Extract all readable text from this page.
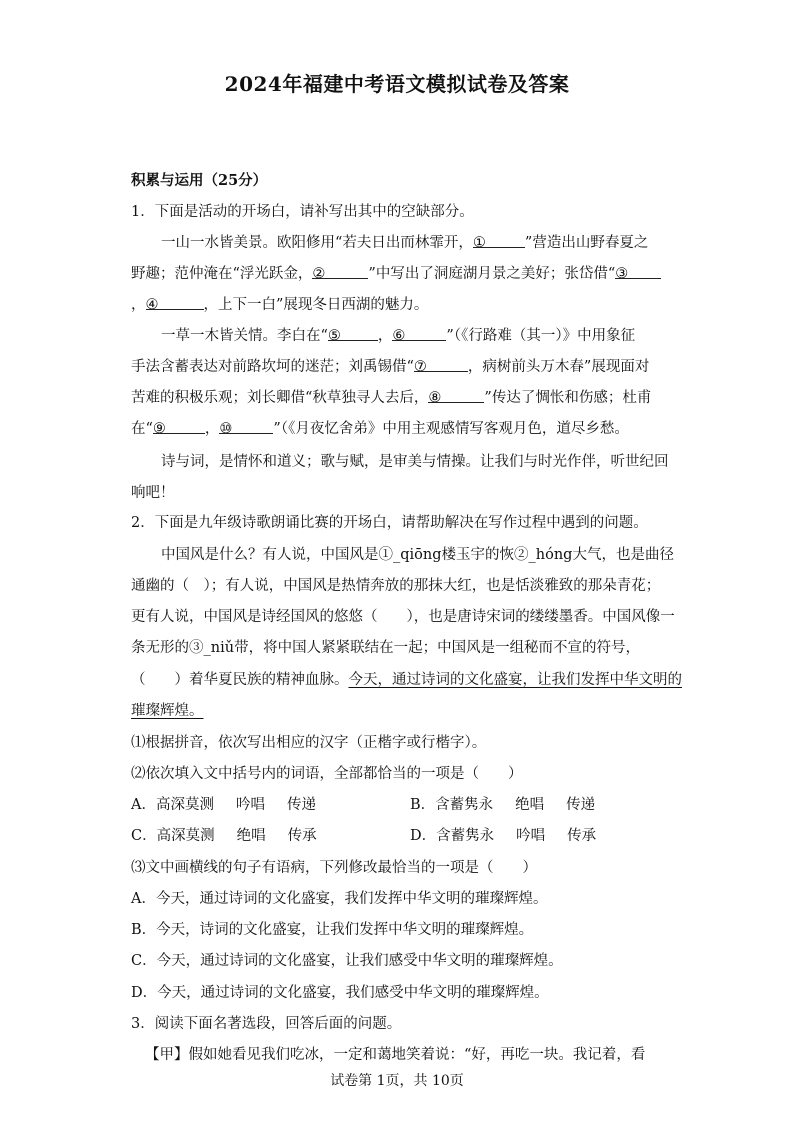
2024年福建中考语文模拟试卷及答案
积累与运用（25分）
1．下面是活动的开场白，请补写出其中的空缺部分。
一山一水皆美景。欧阳修用“若夫日出而林霏开，①	”营造出山野春夏之
野趣；范仲淹在“浮光跃金，②	”中写出了洞庭湖月景之美好；张岱借“③
，④	，上下一白”展现冬日西湖的魅力。
一草一木皆关情。李白在“⑤	，⑥	”（《行路难（其一）》中用象征
手法含蓄表达对前路坎坷的迷茫；刘禹锡借“⑦	，病树前头万木春”展现面对
苦难的积极乐观；刘长卿借“秋草独寻人去后，⑧	”传达了惆怅和伤感；杜甫
在“⑨	，⑩	”（《月夜忆舍弟》中用主观感情写客观月色，道尽乡愁。
诗与词，是情怀和道义；歌与赋，是审美与情操。让我们与时光作伴，听世纪回
响吧！
2．下面是九年级诗歌朗诵比赛的开场白，请帮助解决在写作过程中遇到的问题。
中国风是什么？有人说，中国风是①_qiōng楼玉宇的恢②_hóng大气，也是曲径
通幽的（　）；有人说，中国风是热情奔放的那抹大红，也是恬淡雅致的那朵青花；
更有人说，中国风是诗经国风的悠悠（　　），也是唐诗宋词的缕缕墨香。中国风像一
条无形的③_niǔ带，将中国人紧紧联结在一起；中国风是一组秘而不宣的符号，
（　　）着华夏民族的精神血脉。今天，通过诗词的文化盛宴，让我们发挥中华文明的
璀璨辉煌。
⑴根据拼音，依次写出相应的汉字（正楷字或行楷字）。
⑵依次填入文中括号内的词语，全部都恰当的一项是（　　）
A．高深莫测 吟唱 传递	B．含蓄隽永 绝唱 传递
C．高深莫测 绝唱 传承	D．含蓄隽永 吟唱 传承
⑶文中画横线的句子有语病，下列修改最恰当的一项是（　　）
A．今天，通过诗词的文化盛宴，我们发挥中华文明的璀璨辉煌。
B．今天，诗词的文化盛宴，让我们发挥中华文明的璀璨辉煌。
C．今天，通过诗词的文化盛宴，让我们感受中华文明的璀璨辉煌。
D．今天，通过诗词的文化盛宴，我们感受中华文明的璀璨辉煌。
3．阅读下面名著选段，回答后面的问题。
【甲】假如她看见我们吃冰，一定和蔼地笑着说：“好，再吃一块。我记着，看
试卷第 1页，共 10页
